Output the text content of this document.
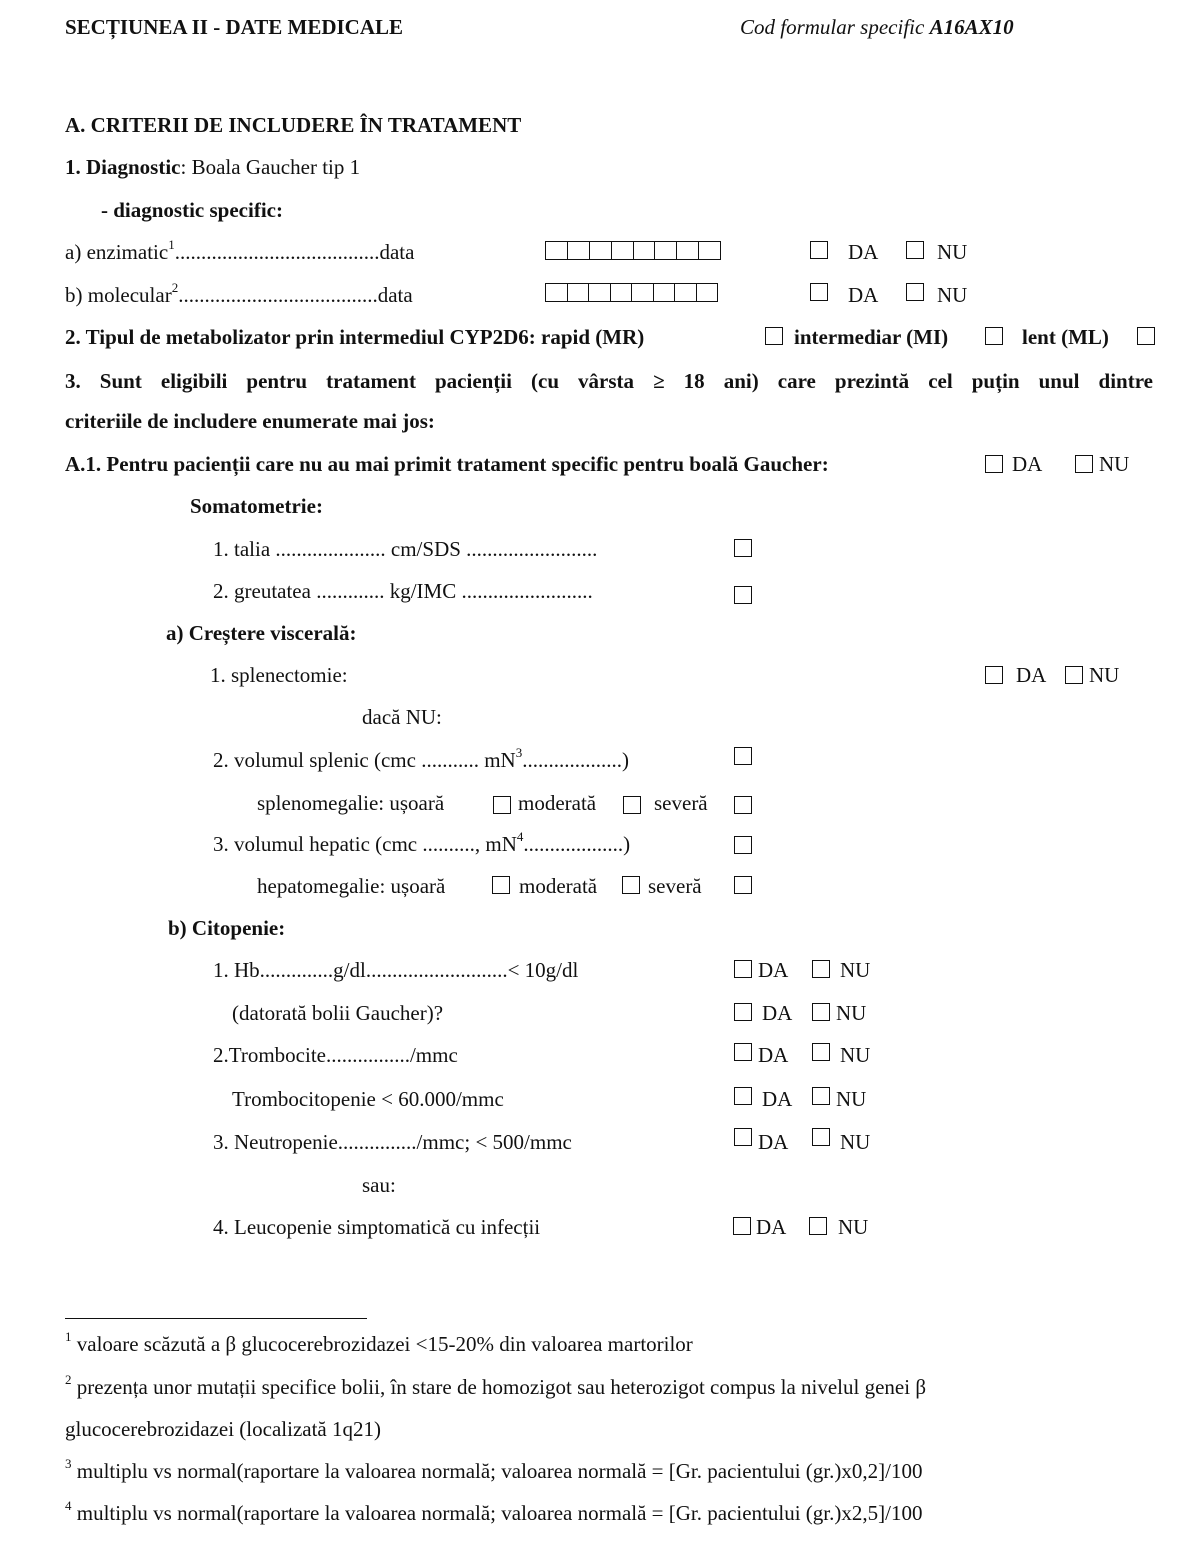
SECȚIUNEA II - DATE MEDICALE	Cod formular specific A16AX10
A. CRITERII DE INCLUDERE ÎN TRATAMENT
1. Diagnostic: Boala Gaucher tip 1
- diagnostic specific:
a) enzimatic$^1$.......................................data	DA	NU
b) molecular$^2$......................................data	DA	NU
2. Tipul de metabolizator prin intermediul CYP2D6: rapid (MR)	intermediar (MI)	lent (ML)
3. Sunt eligibili pentru tratament pacienții (cu vârsta ≥ 18 ani) care prezintă cel puțin unul dintre
criteriile de includere enumerate mai jos:
A.1. Pentru pacienții care nu au mai primit tratament specific pentru boală Gaucher:	DA	NU
Somatometrie:
1. talia ..................... cm/SDS .........................
2. greutatea ............. kg/IMC .........................
a) Creștere viscerală:
1. splenectomie:	DA NU
dacă NU:
2. volumul splenic (cmc ........... $mN^3$...................)
splenomegalie: ușoară	moderată	severă
3. volumul hepatic (cmc .........., $mN^4$...................)
hepatomegalie: ușoară	moderată severă
b) Citopenie:
1. Hb..............g/dl...........................< 10g/dl	DA NU
(datorată bolii Gaucher)?	DA NU
2.Trombocite................/mmc	DA NU
Trombocitopenie < 60.000/mmc	DA NU
3. Neutropenie.............../mmc; < 500/mmc	DA NU
sau:
4. Leucopenie simptomatică cu infecții	DA NU
$^1$ valoare scăzută a β glucocerebrozidazei <15-20% din valoarea martorilor
$^2$ prezența unor mutații specifice bolii, în stare de homozigot sau heterozigot compus la nivelul genei β
glucocerebrozidazei (localizată 1q21)
$^3$ multiplu vs normal(raportare la valoarea normală; valoarea normală = [Gr. pacientului (gr.)x0,2]/100
$^4$ multiplu vs normal(raportare la valoarea normală; valoarea normală = [Gr. pacientului (gr.)x2,5]/100
